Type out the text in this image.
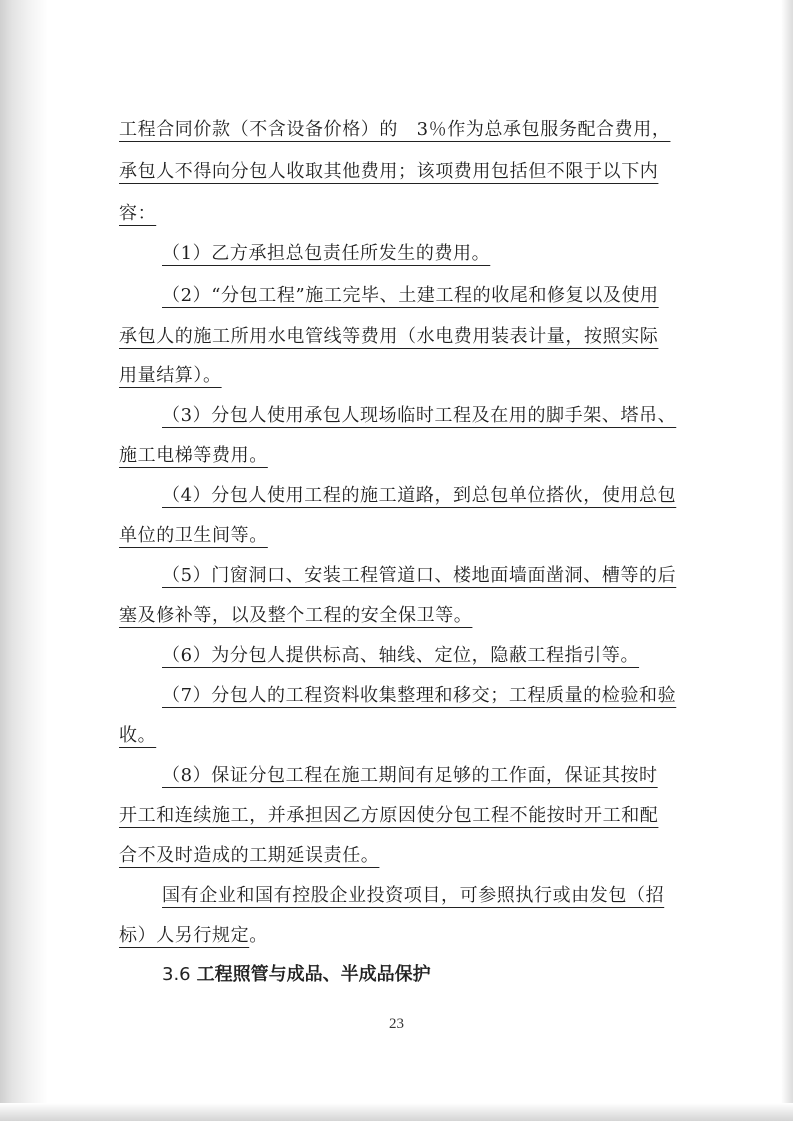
工程合同价款（不含设备价格）的　3％作为总承包服务配合费用，
承包人不得向分包人收取其他费用；该项费用包括但不限于以下内
容：
（1）乙方承担总包责任所发生的费用。
（2）“分包工程”施工完毕、土建工程的收尾和修复以及使用
承包人的施工所用水电管线等费用（水电费用装表计量，按照实际
用量结算）。
（3）分包人使用承包人现场临时工程及在用的脚手架、塔吊、
施工电梯等费用。
（4）分包人使用工程的施工道路，到总包单位搭伙，使用总包
单位的卫生间等。
（5）门窗洞口、安装工程管道口、楼地面墙面凿洞、槽等的后
塞及修补等，以及整个工程的安全保卫等。
（6）为分包人提供标高、轴线、定位，隐蔽工程指引等。
（7）分包人的工程资料收集整理和移交；工程质量的检验和验
收。
（8）保证分包工程在施工期间有足够的工作面，保证其按时
开工和连续施工，并承担因乙方原因使分包工程不能按时开工和配
合不及时造成的工期延误责任。
国有企业和国有控股企业投资项目，可参照执行或由发包（招
标）人另行规定。
3.6 工程照管与成品、半成品保护
23
